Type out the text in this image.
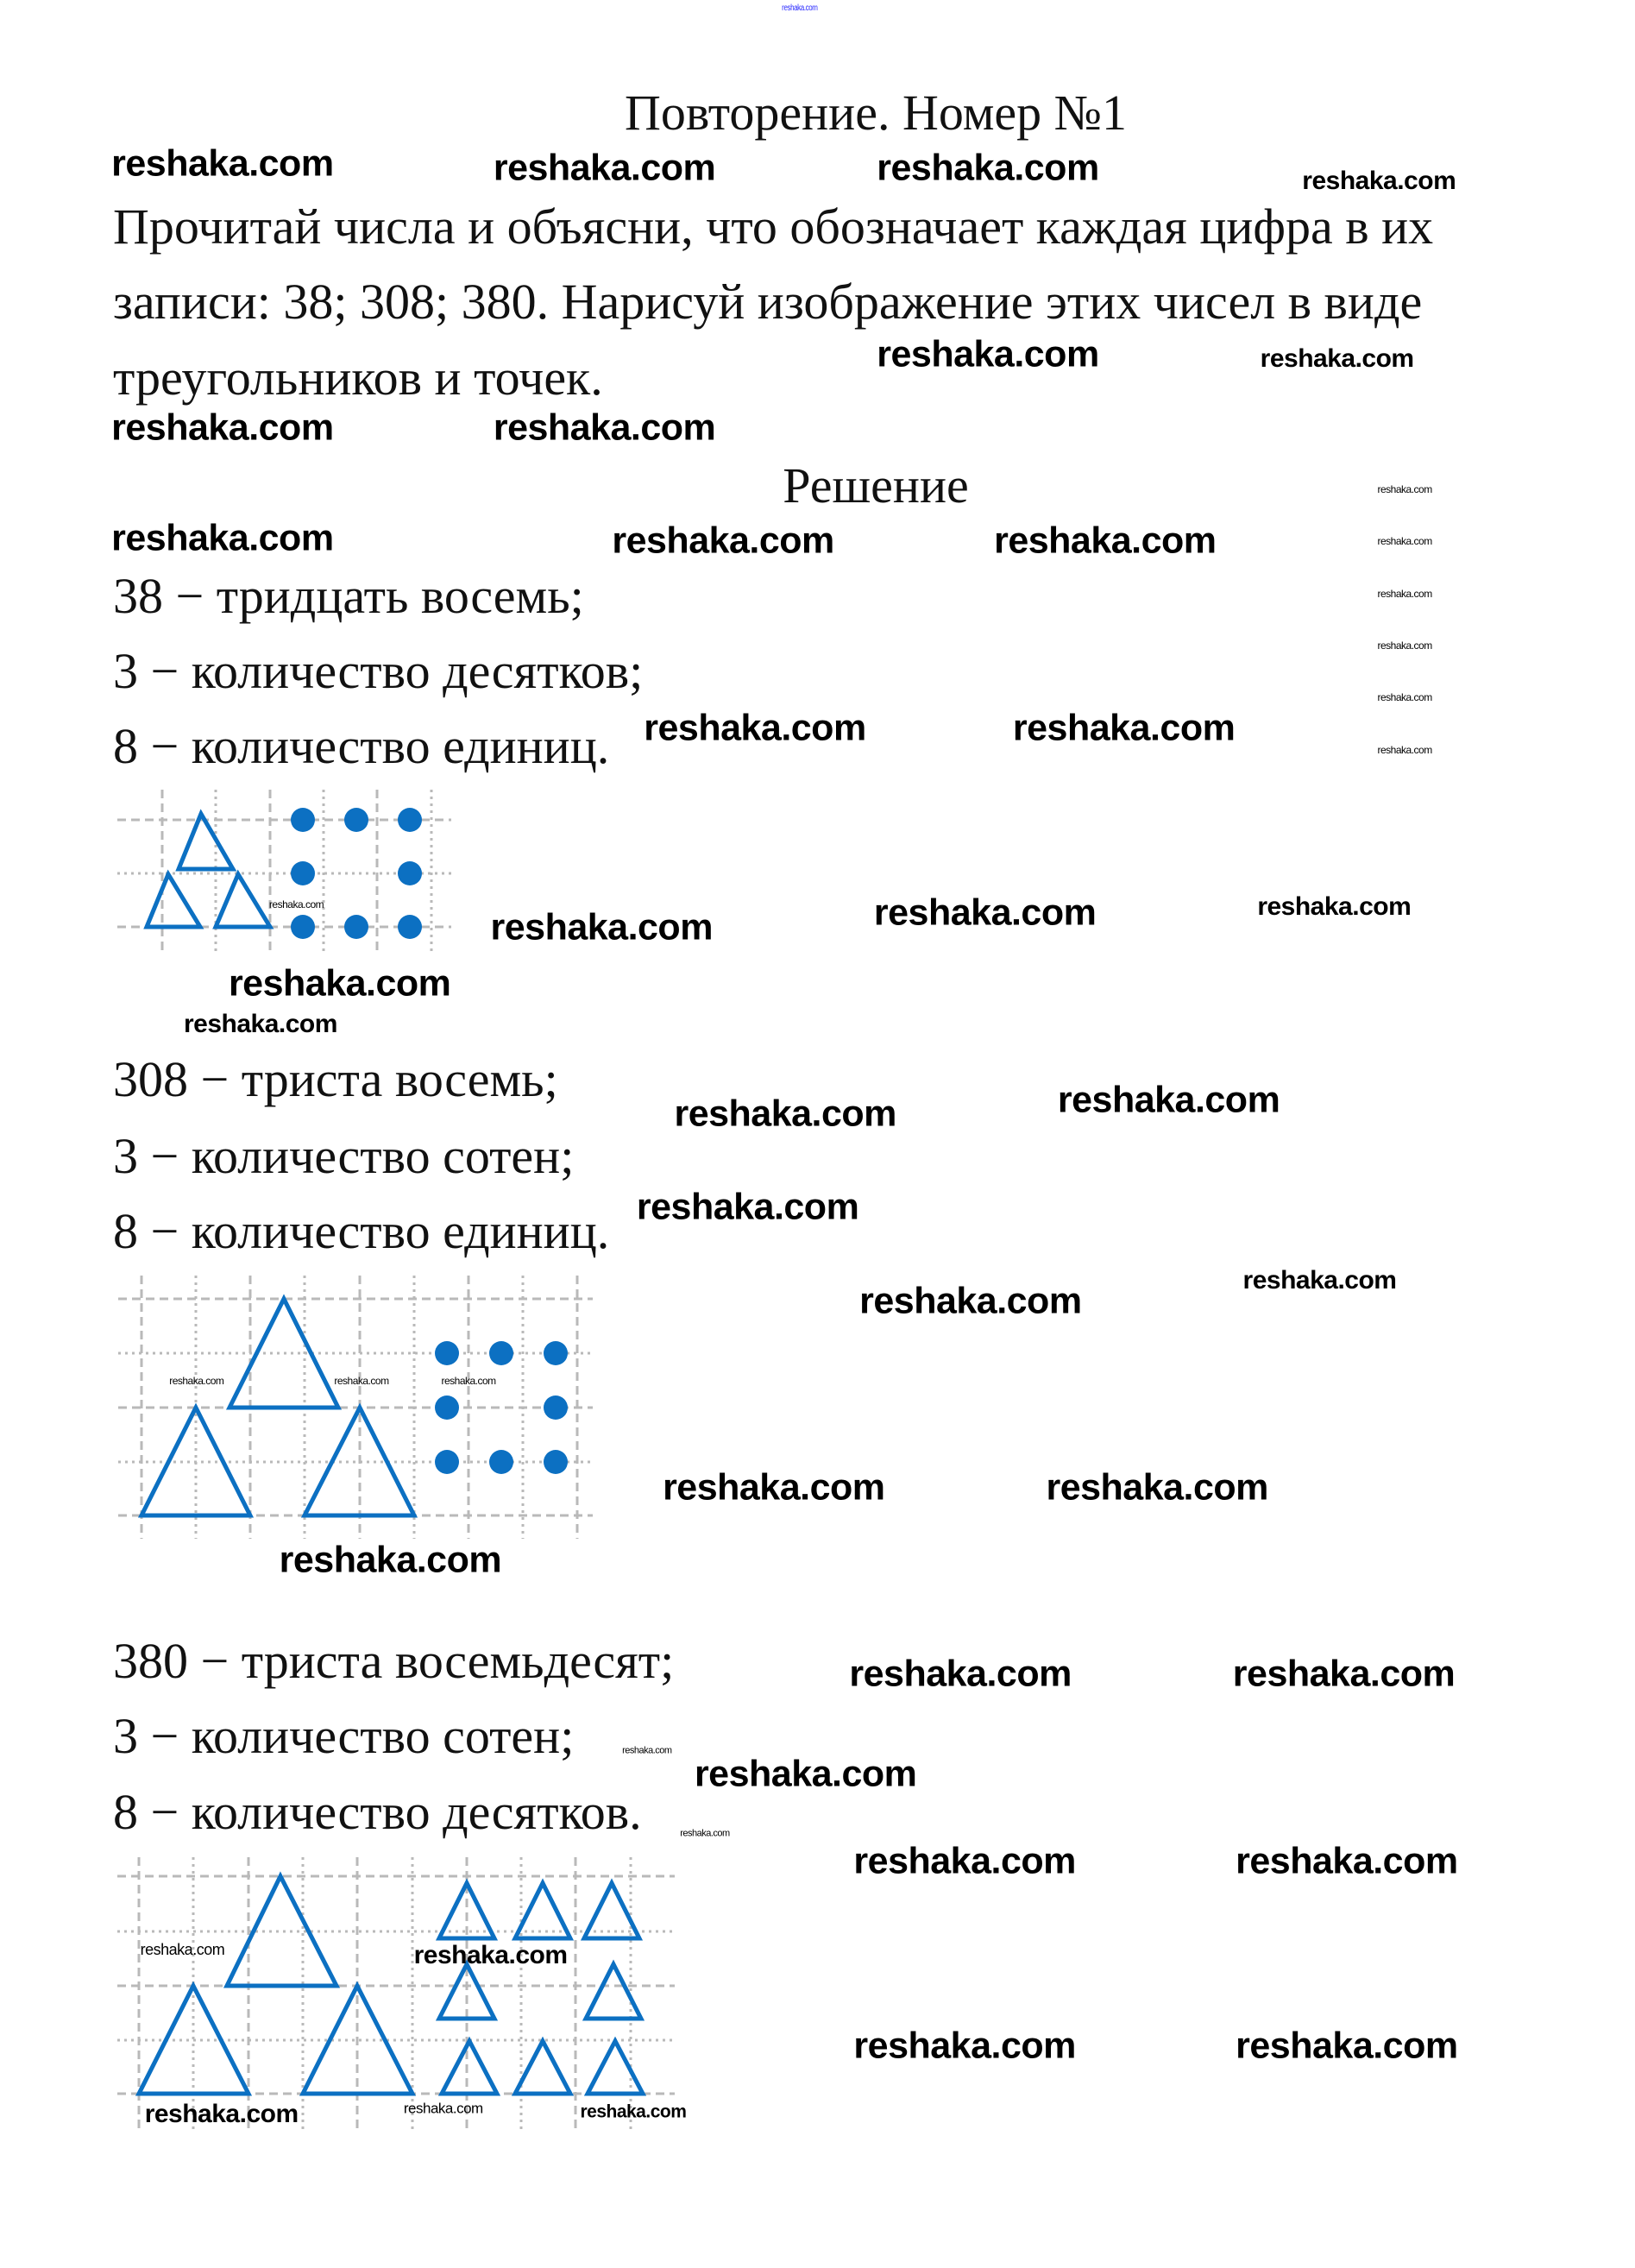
Повторение. Номер №1
Прочитай числа и объясни, что обозначает каждая цифра в их
записи: 38; 308; 380. Нарисуй изображение этих чисел в виде
треугольников и точек.
Решение
38 − тридцать восемь;
3 − количество десятков;
8 − количество единиц.
308 − триста восемь;
3 − количество сотен;
8 − количество единиц.
380 − триста восемьдесят;
3 − количество сотен;
8 − количество десятков.
reshaka.com
reshaka.com	reshaka.com	reshaka.com	reshaka.com
reshaka.com	reshaka.com
reshaka.com	reshaka.com
reshaka.com	reshaka.com	reshaka.com
reshaka.com
reshaka.com
reshaka.com
reshaka.com
reshaka.com
reshaka.com
reshaka.com
reshaka.com	reshaka.com
reshaka.com
reshaka.com	reshaka.com	reshaka.com
reshaka.com
reshaka.com	reshaka.com
reshaka.com
reshaka.com	reshaka.com
reshaka.com	reshaka.com	reshaka.com
reshaka.com	reshaka.com
reshaka.com
reshaka.com	reshaka.com
reshaka.com
reshaka.com
reshaka.com
reshaka.com	reshaka.com
reshaka.com	reshaka.com
reshaka.com	reshaka.com
reshaka.com	reshaka.com	reshaka.com
